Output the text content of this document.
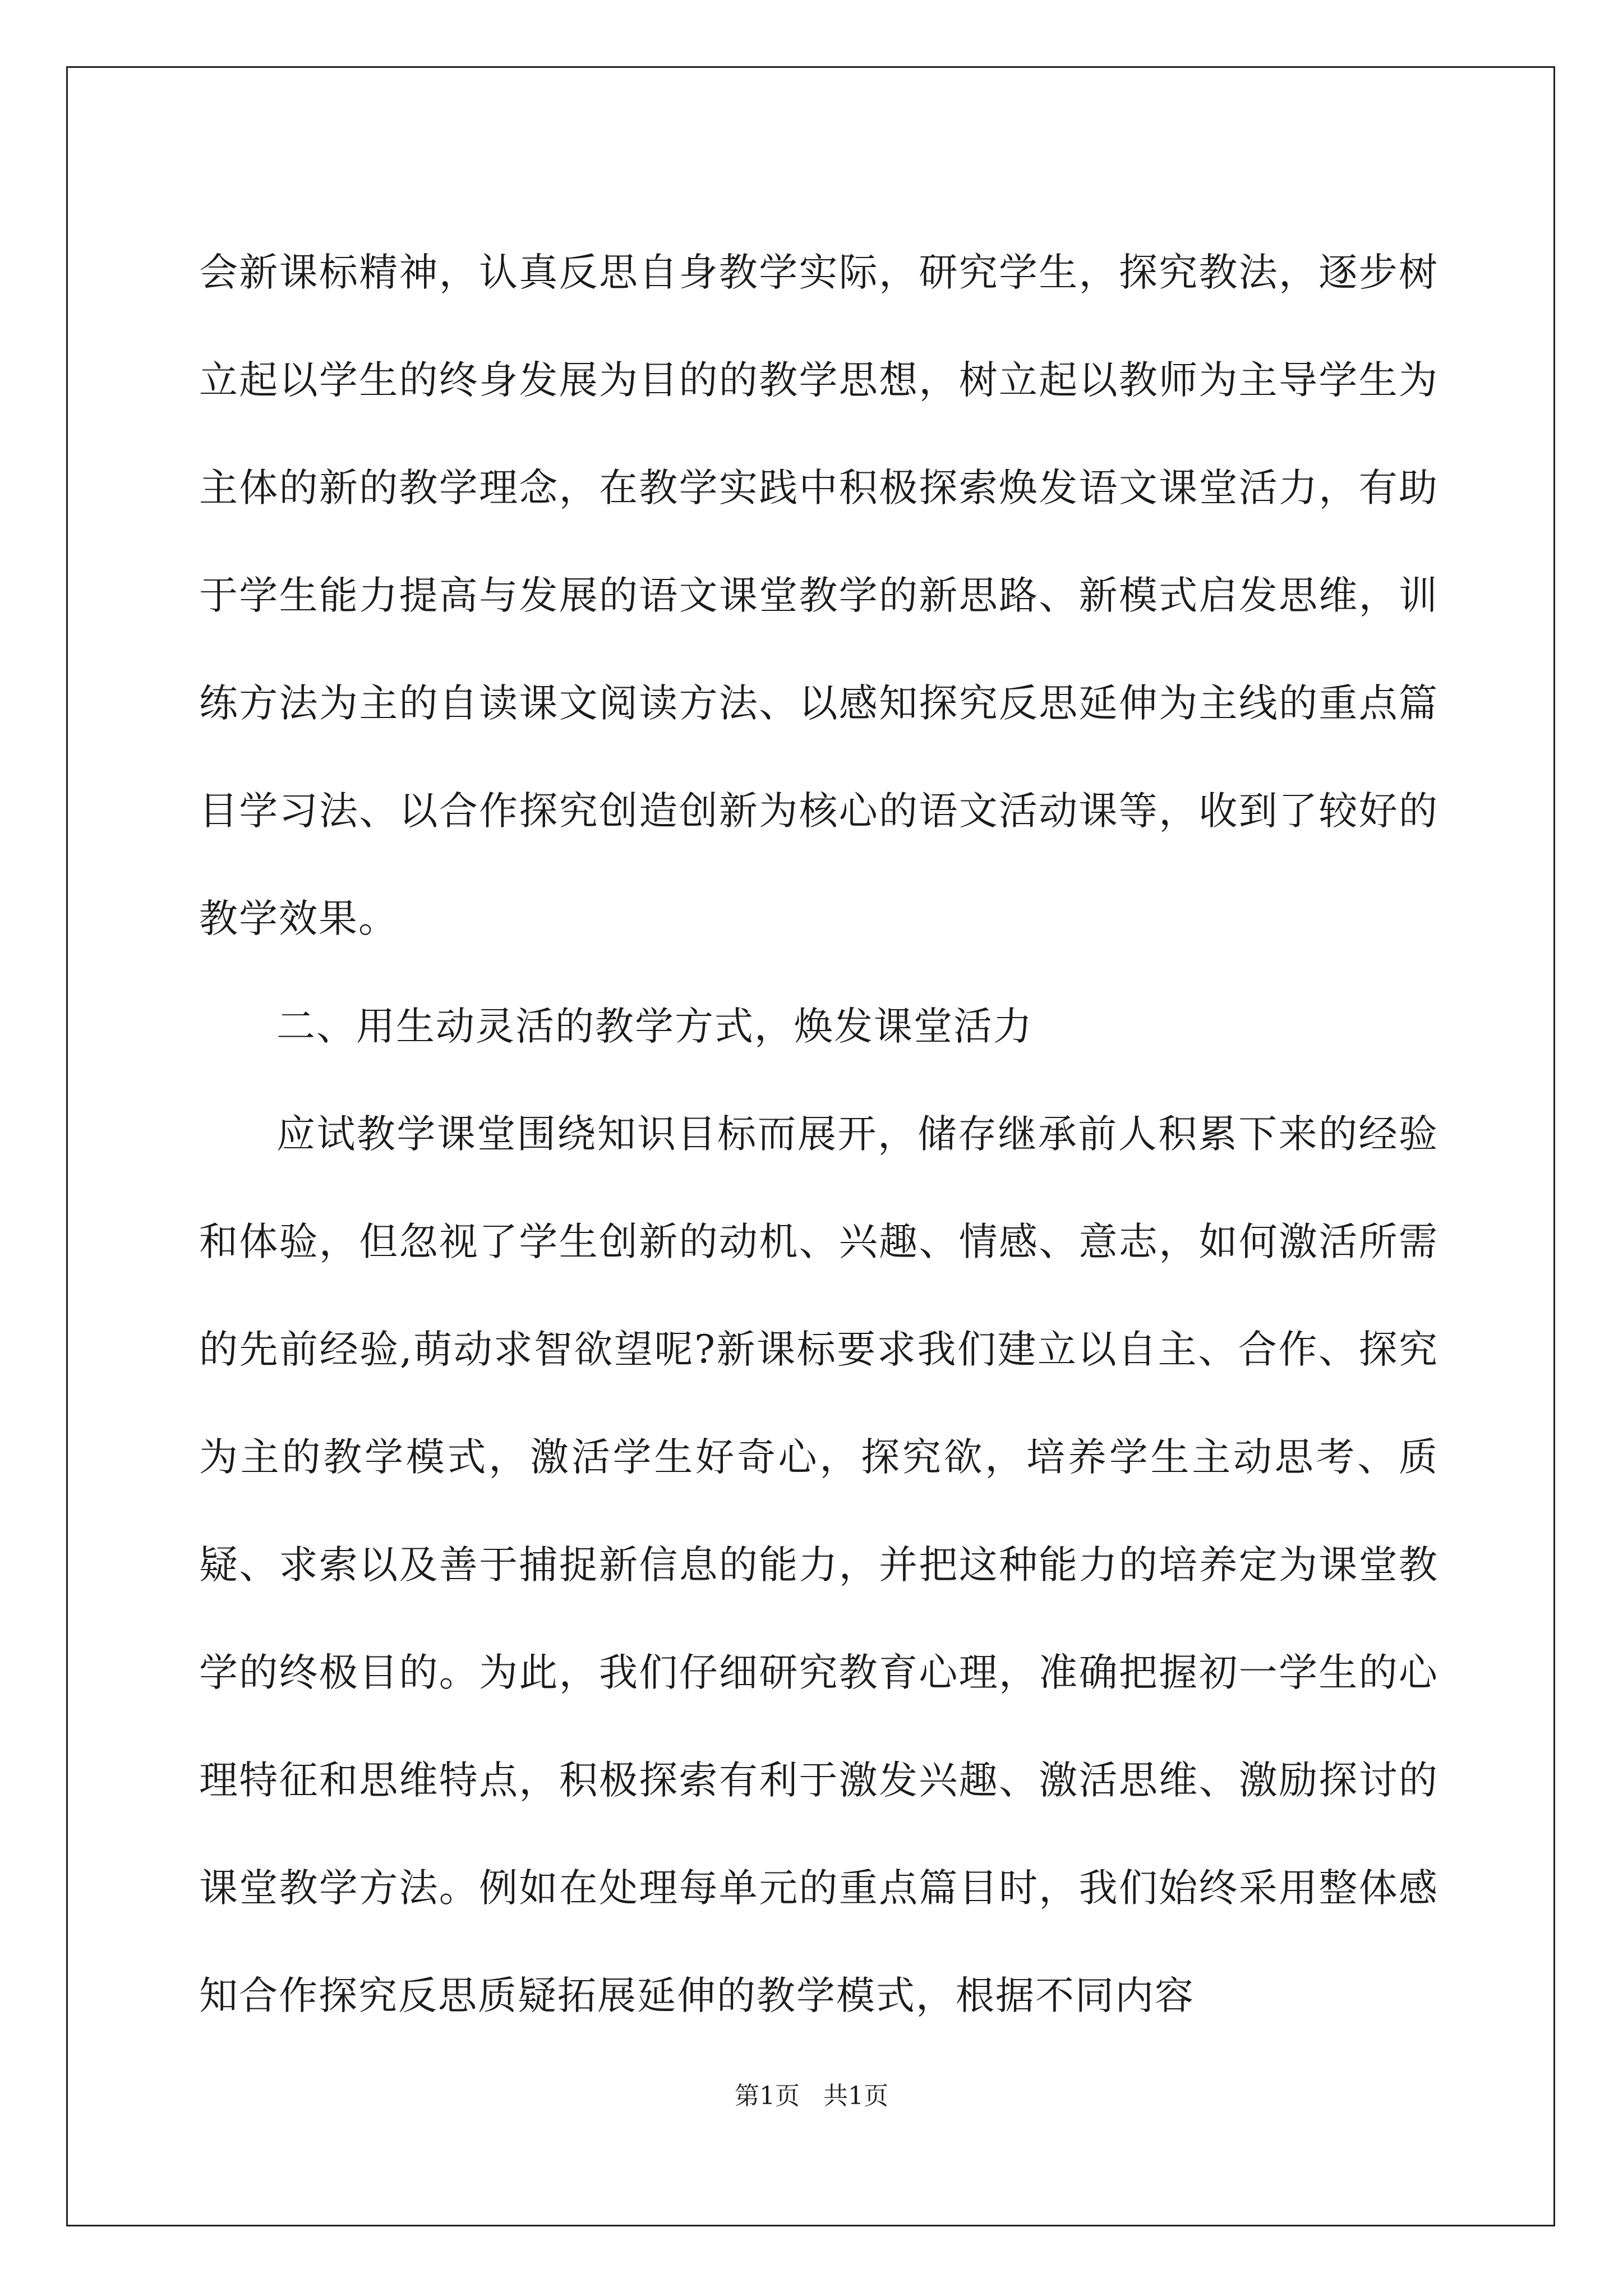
会新课标精神，认真反思自身教学实际，研究学生，探究教法，逐步树立起以学生的终身发展为目的的教学思想，树立起以教师为主导学生为主体的新的教学理念，在教学实践中积极探索焕发语文课堂活力，有助于学生能力提高与发展的语文课堂教学的新思路、新模式启发思维，训练方法为主的自读课文阅读方法、以感知探究反思延伸为主线的重点篇目学习法、以合作探究创造创新为核心的语文活动课等，收到了较好的教学效果。

二、用生动灵活的教学方式，焕发课堂活力

应试教学课堂围绕知识目标而展开，储存继承前人积累下来的经验和体验，但忽视了学生创新的动机、兴趣、情感、意志，如何激活所需的先前经验,萌动求智欲望呢?新课标要求我们建立以自主、合作、探究为主的教学模式，激活学生好奇心，探究欲，培养学生主动思考、质疑、求索以及善于捕捉新信息的能力，并把这种能力的培养定为课堂教学的终极目的。为此，我们仔细研究教育心理，准确把握初一学生的心理特征和思维特点，积极探索有利于激发兴趣、激活思维、激励探讨的课堂教学方法。例如在处理每单元的重点篇目时，我们始终采用整体感知合作探究反思质疑拓展延伸的教学模式，根据不同内容

第1页 共1页
